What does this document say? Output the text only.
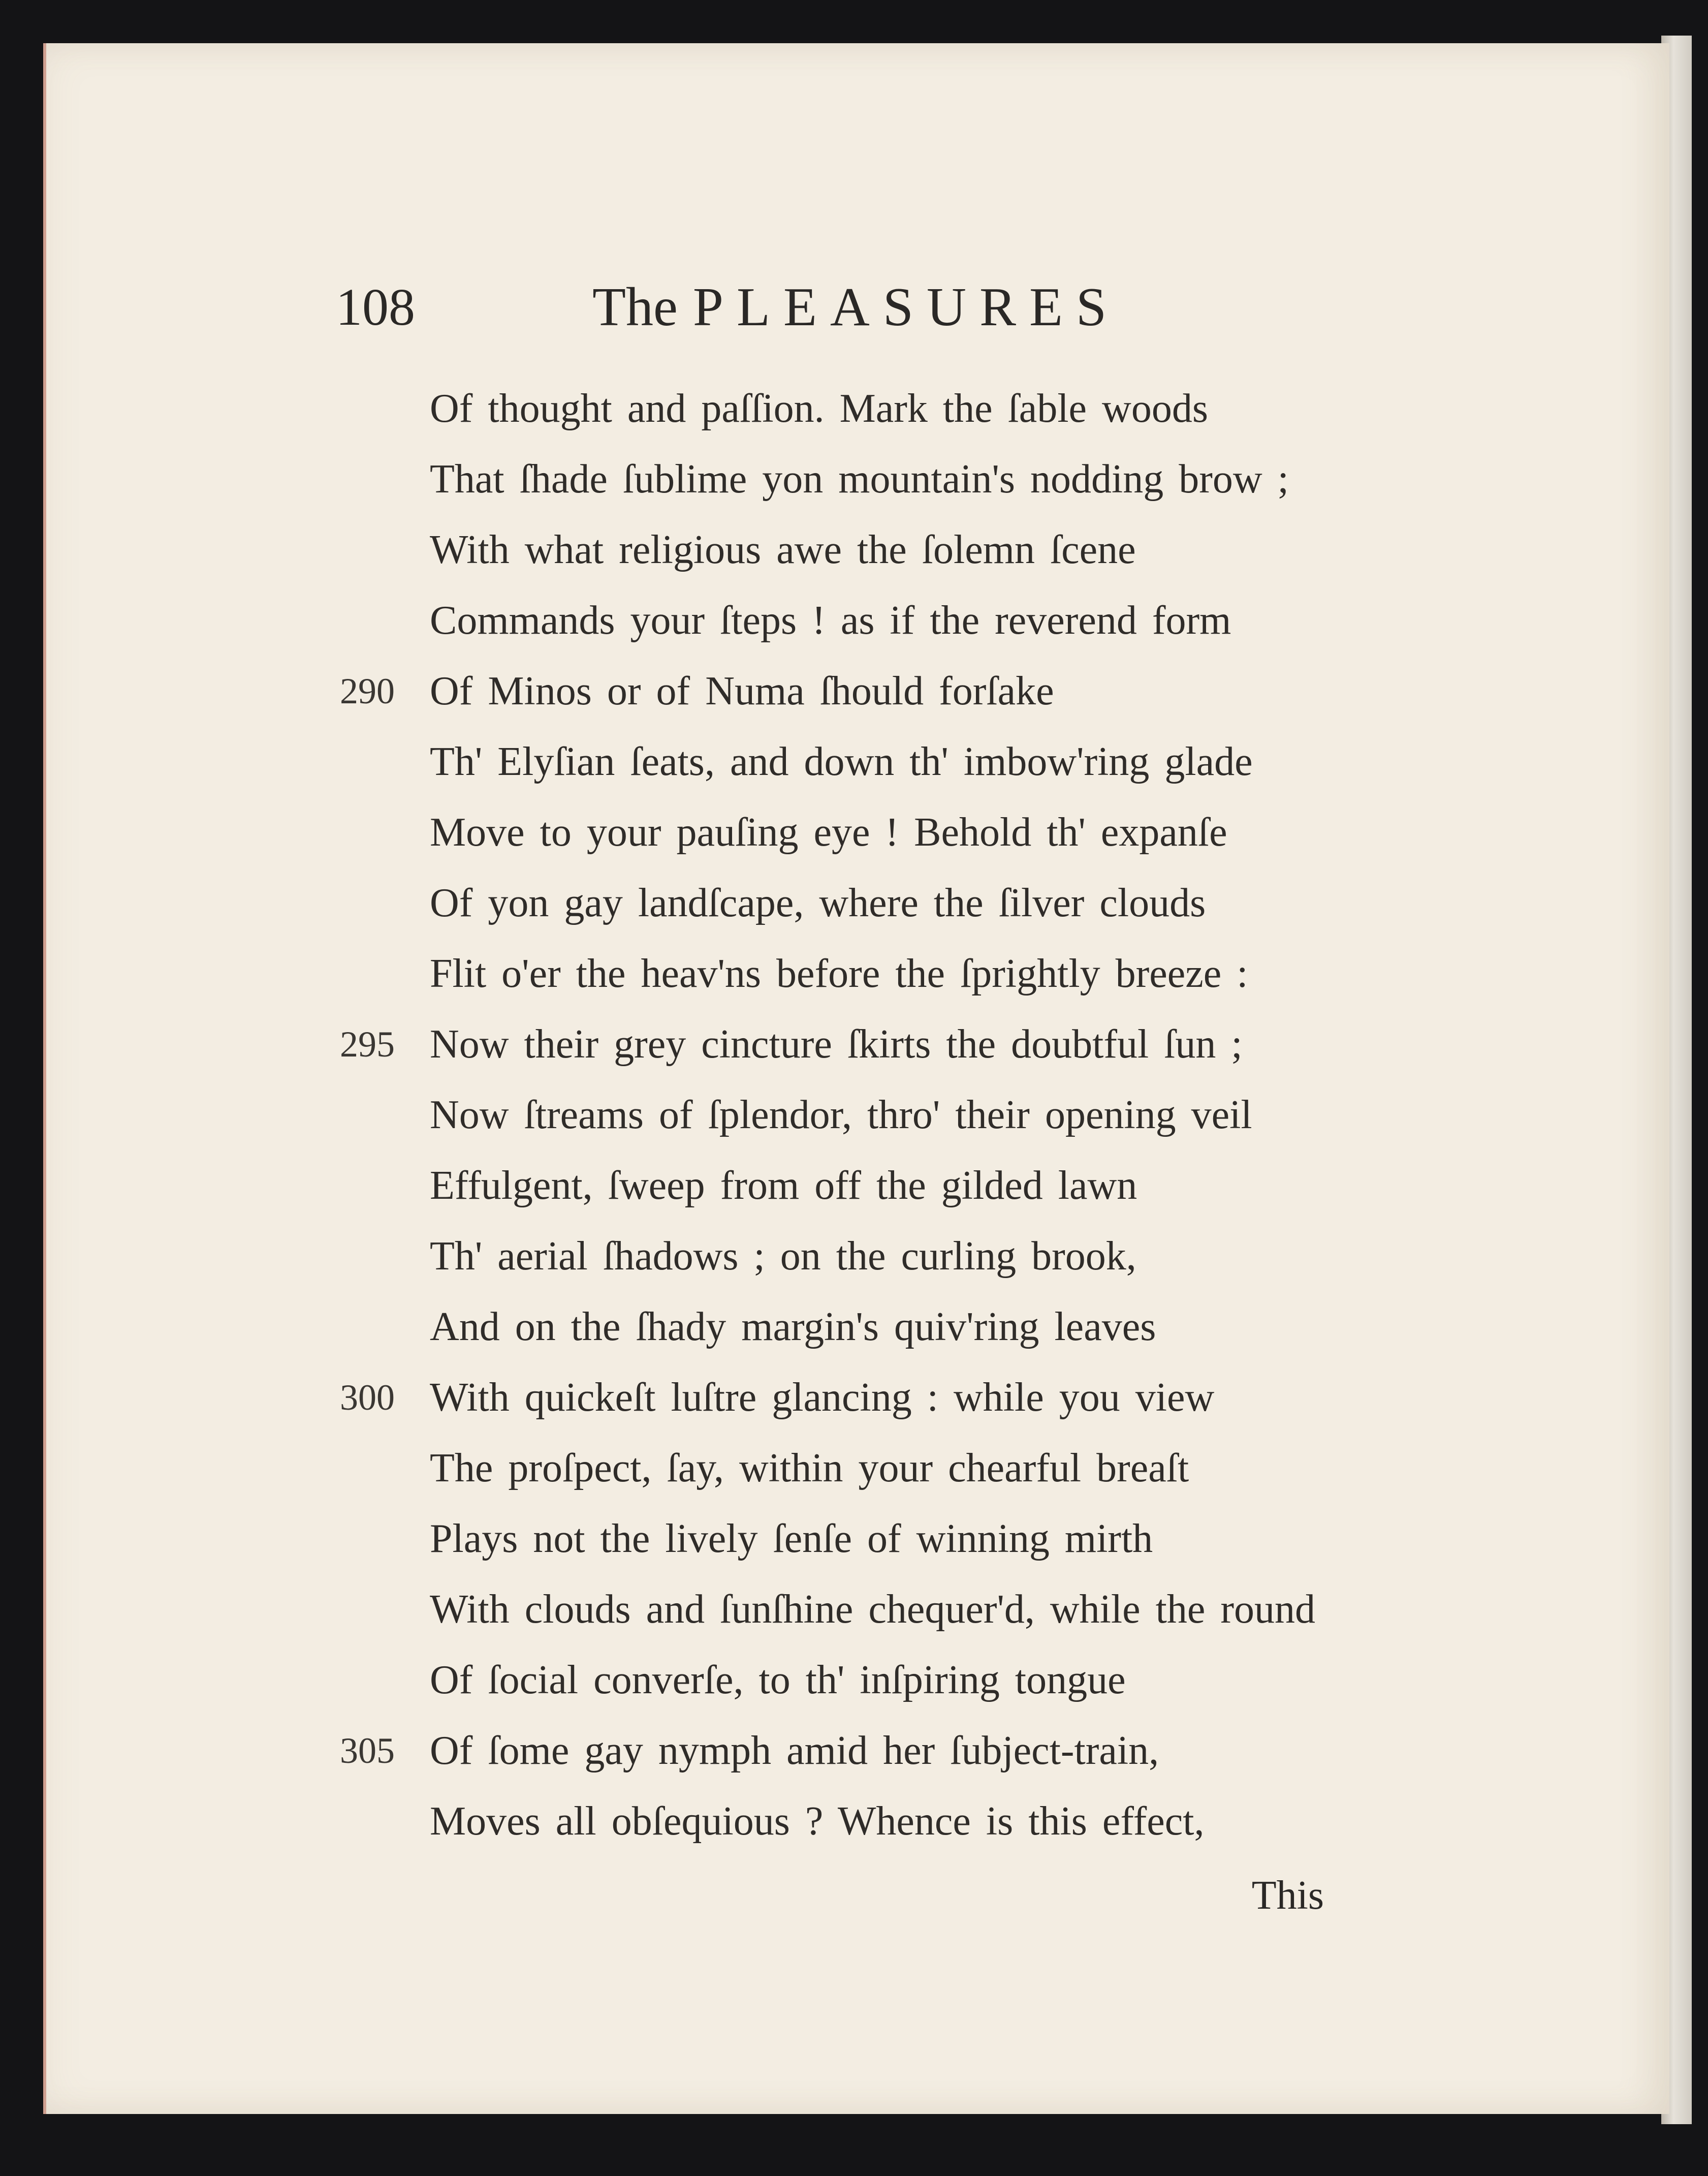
108	The PLEASURES
Of thought and paſſion. Mark the ſable woods
That ſhade ſublime yon mountain's nodding brow ;
With what religious awe the ſolemn ſcene
Commands your ſteps ! as if the reverend form
290 Of Minos or of Numa ſhould forſake
Th' Elyſian ſeats, and down th' imbow'ring glade
Move to your pauſing eye ! Behold th' expanſe
Of yon gay landſcape, where the ſilver clouds
Flit o'er the heav'ns before the ſprightly breeze :
295 Now their grey cincture ſkirts the doubtful ſun ;
Now ſtreams of ſplendor, thro' their opening veil
Effulgent, ſweep from off the gilded lawn
Th' aerial ſhadows ; on the curling brook,
And on the ſhady margin's quiv'ring leaves
300 With quickeſt luſtre glancing : while you view
The proſpect, ſay, within your chearful breaſt
Plays not the lively ſenſe of winning mirth
With clouds and ſunſhine chequer'd, while the round
Of ſocial converſe, to th' inſpiring tongue
305 Of ſome gay nymph amid her ſubject-train,
Moves all obſequious ? Whence is this effect,
This
